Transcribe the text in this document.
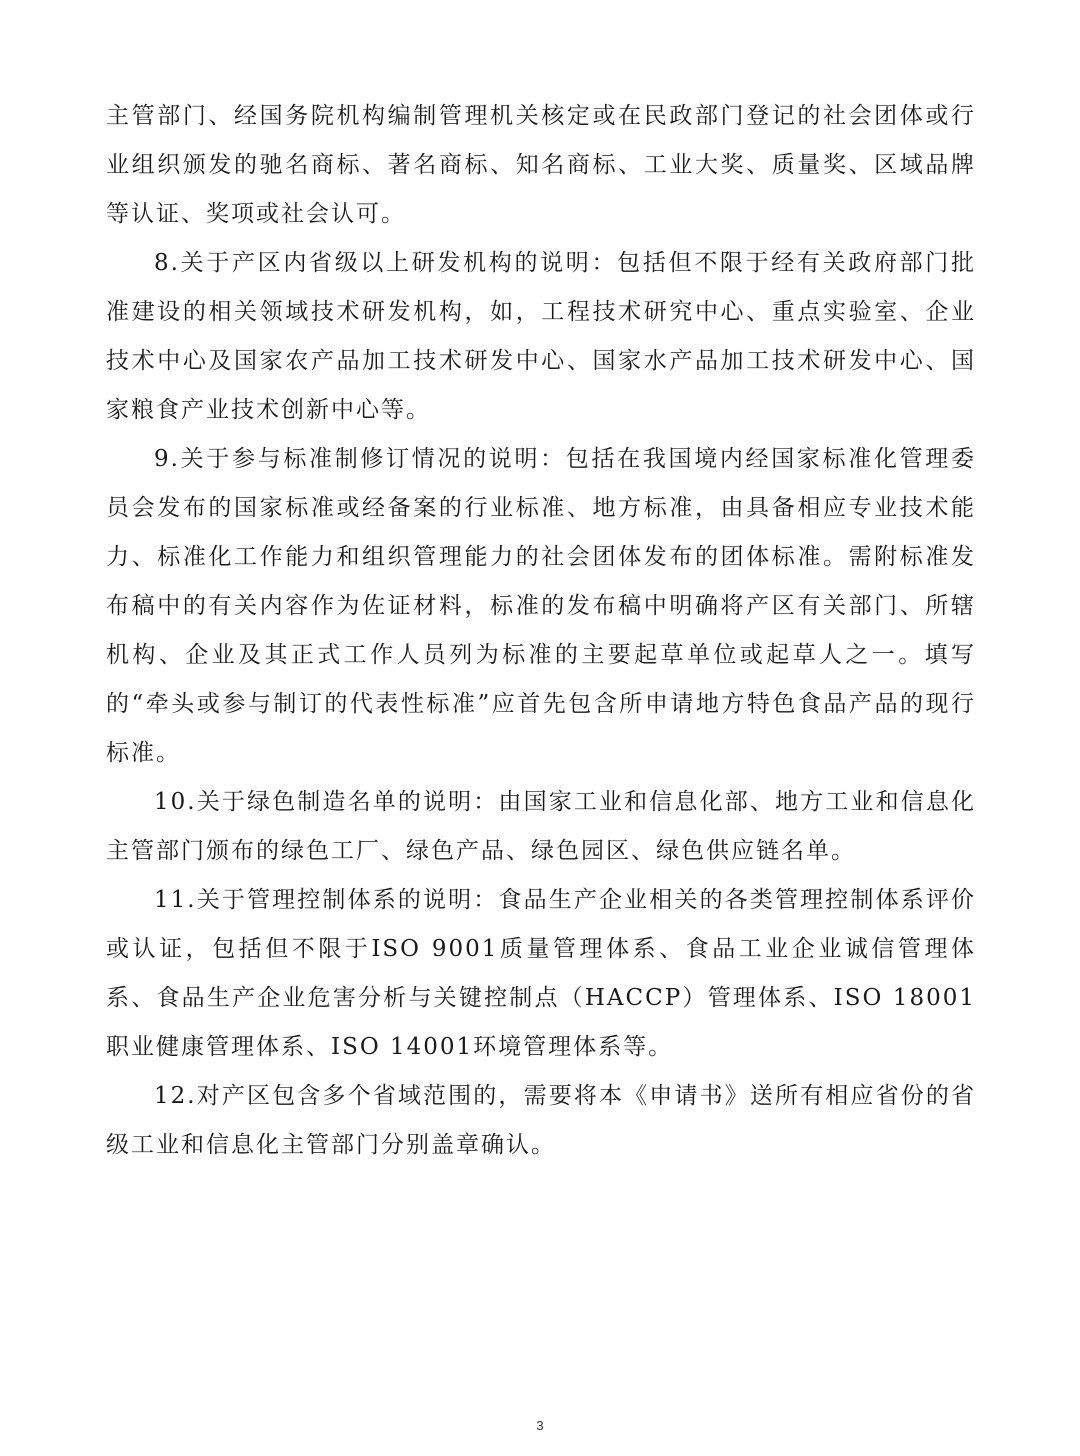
主管部门、经国务院机构编制管理机关核定或在民政部门登记的社会团体或行业组织颁发的驰名商标、著名商标、知名商标、工业大奖、质量奖、区域品牌等认证、奖项或社会认可。

8.关于产区内省级以上研发机构的说明：包括但不限于经有关政府部门批准建设的相关领域技术研发机构，如，工程技术研究中心、重点实验室、企业技术中心及国家农产品加工技术研发中心、国家水产品加工技术研发中心、国家粮食产业技术创新中心等。

9.关于参与标准制修订情况的说明：包括在我国境内经国家标准化管理委员会发布的国家标准或经备案的行业标准、地方标准，由具备相应专业技术能力、标准化工作能力和组织管理能力的社会团体发布的团体标准。需附标准发布稿中的有关内容作为佐证材料，标准的发布稿中明确将产区有关部门、所辖机构、企业及其正式工作人员列为标准的主要起草单位或起草人之一。填写的“牵头或参与制订的代表性标准”应首先包含所申请地方特色食品产品的现行标准。

10.关于绿色制造名单的说明：由国家工业和信息化部、地方工业和信息化主管部门颁布的绿色工厂、绿色产品、绿色园区、绿色供应链名单。

11.关于管理控制体系的说明：食品生产企业相关的各类管理控制体系评价或认证，包括但不限于ISO 9001质量管理体系、食品工业企业诚信管理体系、食品生产企业危害分析与关键控制点（HACCP）管理体系、ISO 18001职业健康管理体系、ISO 14001环境管理体系等。

12.对产区包含多个省域范围的，需要将本《申请书》送所有相应省份的省级工业和信息化主管部门分别盖章确认。

3
